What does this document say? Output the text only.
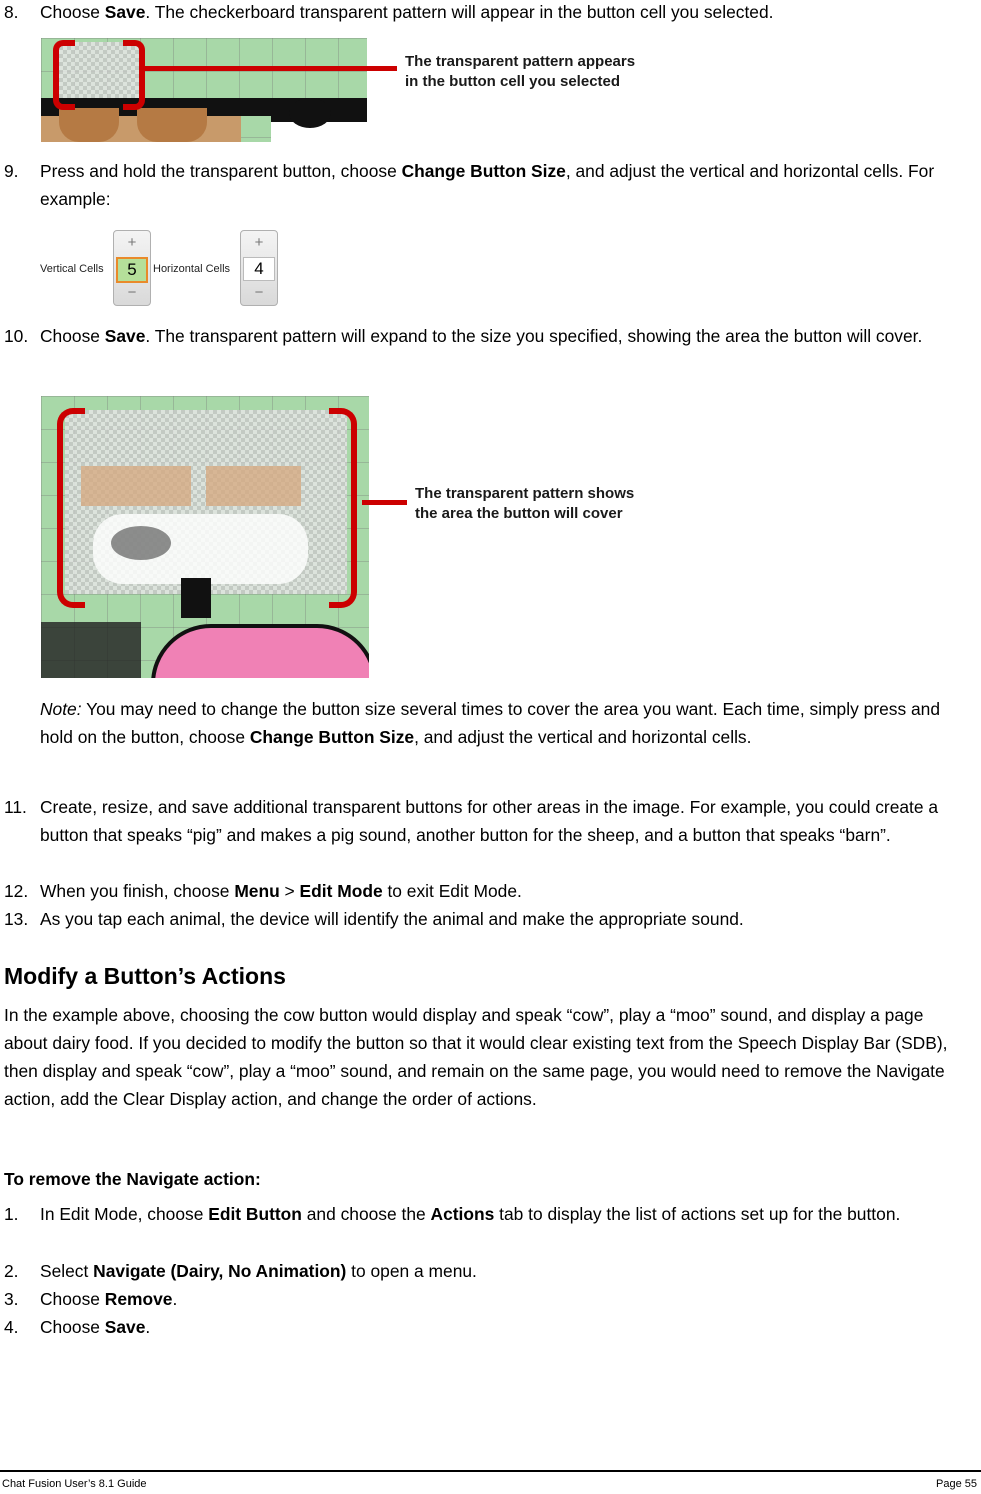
8. Choose Save. The checkerboard transparent pattern will appear in the button cell you selected.
The transparent pattern appears
in the button cell you selected
9. Press and hold the transparent button, choose Change Button Size, and adjust the vertical and horizontal cells. For example:
Vertical Cells
+
5
−
Horizontal Cells
+
4
−
10. Choose Save. The transparent pattern will expand to the size you specified, showing the area the button will cover.
The transparent pattern shows
the area the button will cover
Note: You may need to change the button size several times to cover the area you want. Each time, simply press and hold on the button, choose Change Button Size, and adjust the vertical and horizontal cells.
11. Create, resize, and save additional transparent buttons for other areas in the image. For example, you could create a button that speaks “pig” and makes a pig sound, another button for the sheep, and a button that speaks “barn”.
12. When you finish, choose Menu > Edit Mode to exit Edit Mode.
13. As you tap each animal, the device will identify the animal and make the appropriate sound.
Modify a Button’s Actions
In the example above, choosing the cow button would display and speak “cow”, play a “moo” sound, and display a page about dairy food. If you decided to modify the button so that it would clear existing text from the Speech Display Bar (SDB), then display and speak “cow”, play a “moo” sound, and remain on the same page, you would need to remove the Navigate action, add the Clear Display action, and change the order of actions.
To remove the Navigate action:
1. In Edit Mode, choose Edit Button and choose the Actions tab to display the list of actions set up for the button.
2. Select Navigate (Dairy, No Animation) to open a menu.
3. Choose Remove.
4. Choose Save.
Chat Fusion User’s 8.1 Guide	Page 55
